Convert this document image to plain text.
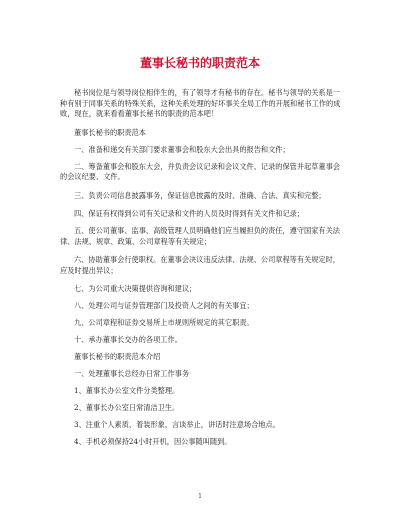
董事长秘书的职责范本

秘书岗位是与领导岗位相伴生的，有了领导才有秘书的存在。秘书与领导的关系是一种有别于同事关系的特殊关系，这种关系处理的好坏事关全局工作的开展和秘书工作的成败，现在，就来看看董事长秘书的职责的范本吧！

董事长秘书的职责范本

一、准备和递交有关部门要求董事会和股东大会出具的报告和文件；

二、筹备董事会和股东大会，并负责会议记录和会议文件、记录的保管并起草董事会的会议纪要、文件。

三、负责公司信息披露事务，保证信息披露的及时、准确、合法、真实和完整；

四、保证有权得到公司有关记录和文件的人员及时得到有关文件和记录；

五、使公司董事、监事、高级管理人员明确他们应当履担负的责任，遵守国家有关法律、法规、规章、政策、公司章程等有关规定；

六、协助董事会行使职权。在董事会决议违反法律、法规、公司章程等有关规定时，应及时提出异议；

七、为公司重大决策提供咨询和建议；

八、处理公司与证券管理部门及投资人之间的有关事宜；

九、公司章程和证券交易所上市规则所规定的其它职责。

十、承办董事长交办的各项工作。

董事长秘书的职责范本介绍

一、处理董事长总经办日常工作事务

1、董事长办公室文件分类整理。

2、董事长办公室日常清洁卫生。

3、注重个人素质、着装形象，言谈举止，讲话时注意场合地点。

4、手机必须保持24小时开机，因公事随叫随到。

1
